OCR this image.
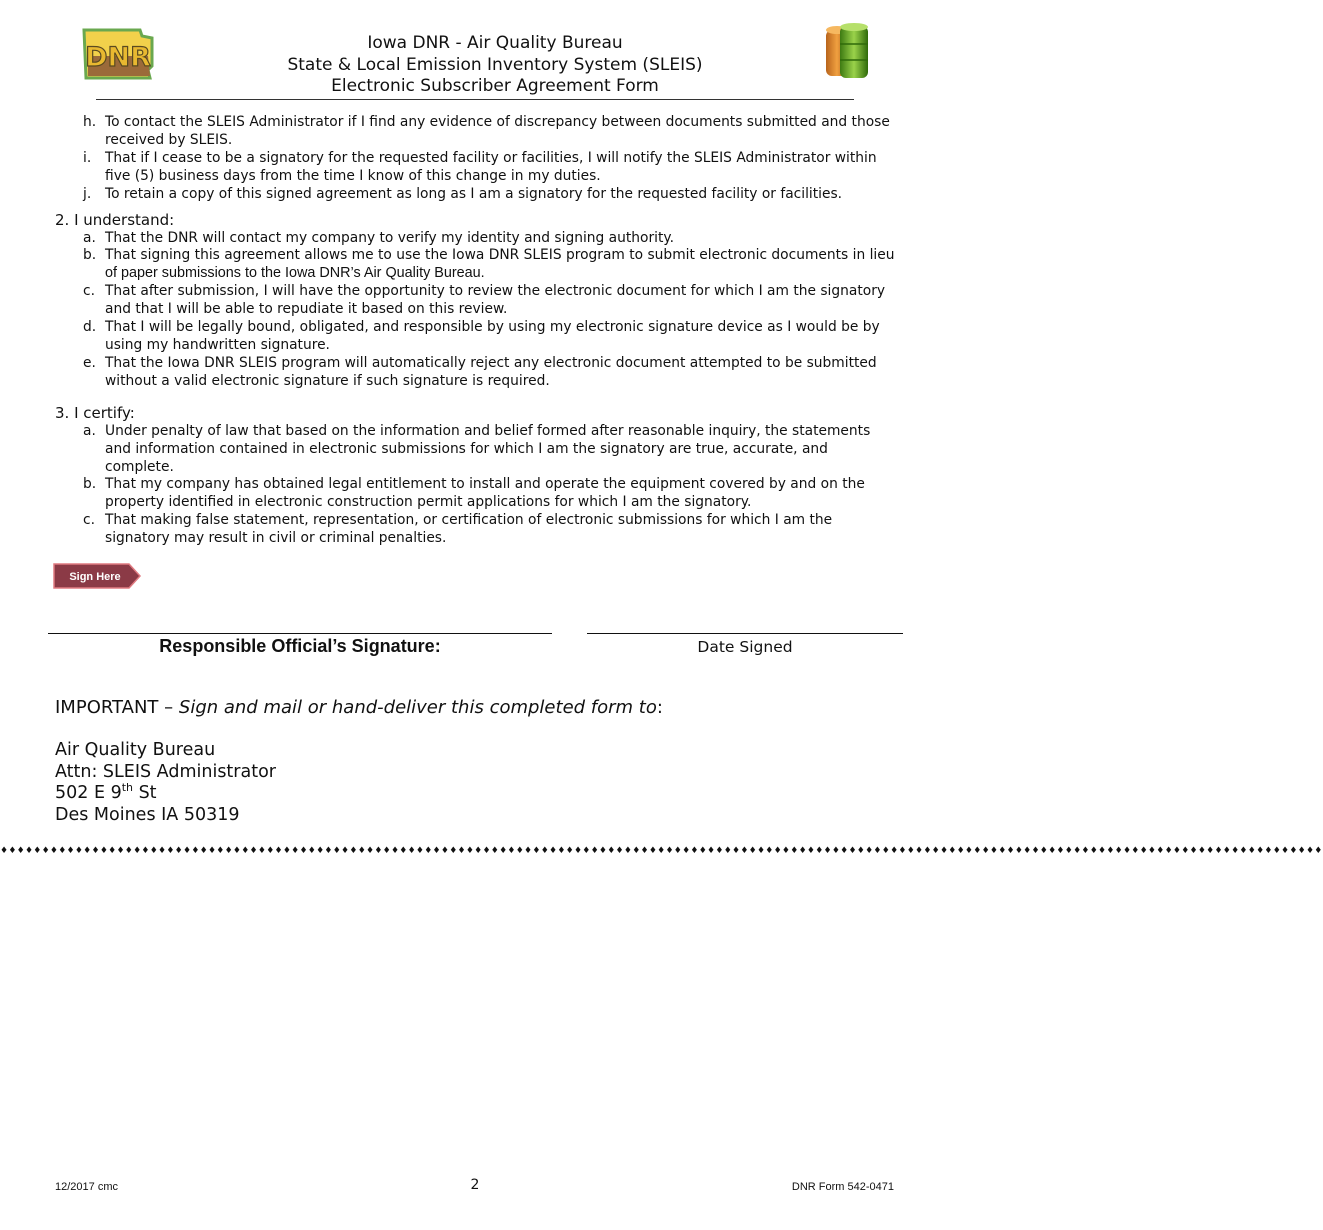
DNR	Iowa DNR - Air Quality Bureau
State & Local Emission Inventory System (SLEIS)
Electronic Subscriber Agreement Form
h. To contact the SLEIS Administrator if I find any evidence of discrepancy between documents submitted and those received by SLEIS.
i. That if I cease to be a signatory for the requested facility or facilities, I will notify the SLEIS Administrator within five (5) business days from the time I know of this change in my duties.
j. To retain a copy of this signed agreement as long as I am a signatory for the requested facility or facilities.
2. I understand:
a. That the DNR will contact my company to verify my identity and signing authority.
b. That signing this agreement allows me to use the Iowa DNR SLEIS program to submit electronic documents in lieu of paper submissions to the Iowa DNR’s Air Quality Bureau.
c. That after submission, I will have the opportunity to review the electronic document for which I am the signatory and that I will be able to repudiate it based on this review.
d. That I will be legally bound, obligated, and responsible by using my electronic signature device as I would be by using my handwritten signature.
e. That the Iowa DNR SLEIS program will automatically reject any electronic document attempted to be submitted without a valid electronic signature if such signature is required.
3. I certify:
a. Under penalty of law that based on the information and belief formed after reasonable inquiry, the statements and information contained in electronic submissions for which I am the signatory are true, accurate, and complete.
b. That my company has obtained legal entitlement to install and operate the equipment covered by and on the property identified in electronic construction permit applications for which I am the signatory.
c. That making false statement, representation, or certification of electronic submissions for which I am the signatory may result in civil or criminal penalties.
Sign Here
Responsible Official’s Signature:	Date Signed
IMPORTANT – Sign and mail or hand-deliver this completed form to:
Air Quality Bureau
Attn: SLEIS Administrator
502 E 9th St
Des Moines IA 50319
♦♦♦♦♦♦♦♦♦♦♦♦♦♦♦♦♦♦♦♦♦♦♦♦♦♦♦♦♦♦♦♦♦♦♦♦♦♦♦♦♦♦♦♦♦♦♦♦♦♦♦♦♦♦♦♦♦♦♦♦♦♦♦♦♦♦♦♦♦♦♦♦♦♦♦♦♦♦♦♦♦♦♦♦♦♦♦♦♦♦♦♦♦♦♦♦♦♦♦♦♦♦♦♦♦♦♦♦♦♦♦♦♦♦♦♦♦♦♦♦♦♦♦♦♦♦♦♦♦♦♦♦♦♦♦♦♦♦♦♦♦♦♦♦♦♦♦♦♦♦♦♦♦♦♦♦♦♦♦
12/2017 cmc	2	DNR Form 542-0471
